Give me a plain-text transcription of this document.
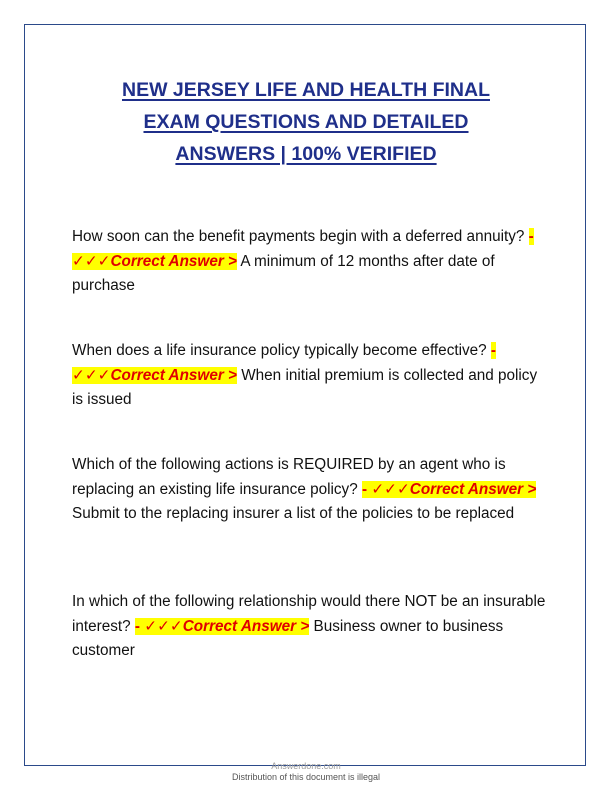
NEW JERSEY LIFE AND HEALTH FINAL
EXAM QUESTIONS AND DETAILED
ANSWERS | 100% VERIFIED
How soon can the benefit payments begin with a deferred annuity? - ✓✓✓Correct Answer > A minimum of 12 months after date of purchase
When does a life insurance policy typically become effective? - ✓✓✓Correct Answer > When initial premium is collected and policy is issued
Which of the following actions is REQUIRED by an agent who is replacing an existing life insurance policy? - ✓✓✓Correct Answer > Submit to the replacing insurer a list of the policies to be replaced
In which of the following relationship would there NOT be an insurable interest? - ✓✓✓Correct Answer > Business owner to business customer
Answerdone.com
Distribution of this document is illegal
